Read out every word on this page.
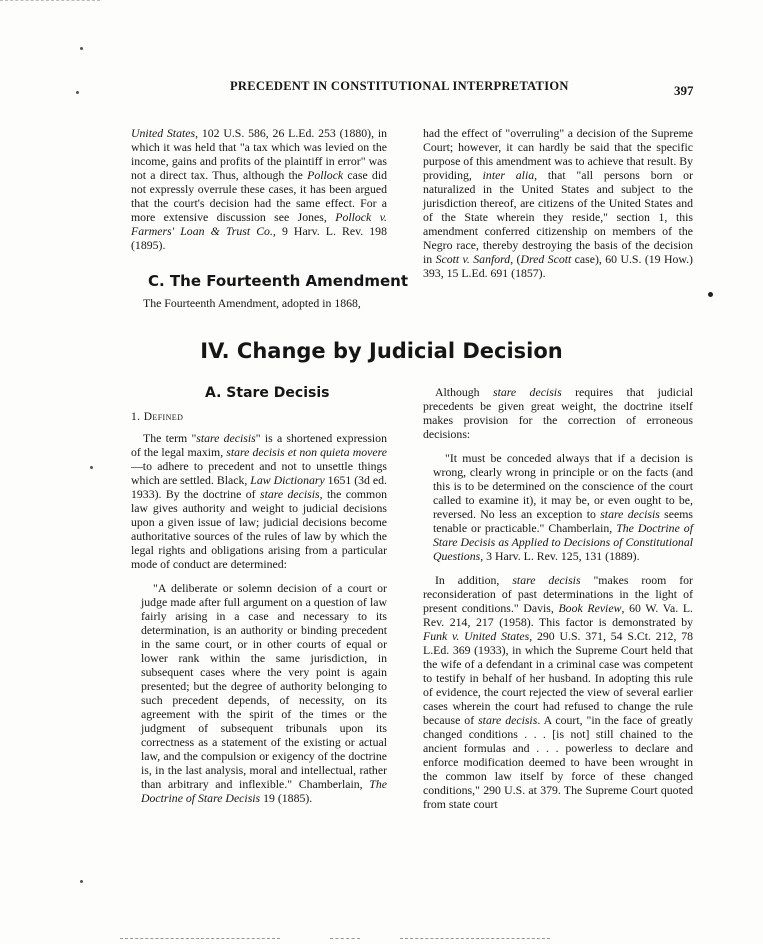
PRECEDENT IN CONSTITUTIONAL INTERPRETATION	397

United States, 102 U.S. 586, 26 L.Ed. 253 (1880), in which it was held that "a tax which was levied on the income, gains and profits of the plaintiff in error" was not a direct tax. Thus, although the Pollock case did not expressly overrule these cases, it has been argued that the court's decision had the same effect. For a more extensive discussion see Jones, Pollock v. Farmers' Loan & Trust Co., 9 Harv. L. Rev. 198 (1895).

C. The Fourteenth Amendment

The Fourteenth Amendment, adopted in 1868,

had the effect of "overruling" a decision of the Supreme Court; however, it can hardly be said that the specific purpose of this amendment was to achieve that result. By providing, inter alia, that "all persons born or naturalized in the United States and subject to the jurisdiction thereof, are citizens of the United States and of the State wherein they reside," section 1, this amendment conferred citizenship on members of the Negro race, thereby destroying the basis of the decision in Scott v. Sanford, (Dred Scott case), 60 U.S. (19 How.) 393, 15 L.Ed. 691 (1857).

IV. Change by Judicial Decision
A. Stare Decisis
1. Defined

The term "stare decisis" is a shortened expression of the legal maxim, stare decisis et non quieta movere—to adhere to precedent and not to unsettle things which are settled. Black, Law Dictionary 1651 (3d ed. 1933). By the doctrine of stare decisis, the common law gives authority and weight to judicial decisions upon a given issue of law; judicial decisions become authoritative sources of the rules of law by which the legal rights and obligations arising from a particular mode of conduct are determined:

"A deliberate or solemn decision of a court or judge made after full argument on a question of law fairly arising in a case and necessary to its determination, is an authority or binding precedent in the same court, or in other courts of equal or lower rank within the same jurisdiction, in subsequent cases where the very point is again presented; but the degree of authority belonging to such precedent depends, of necessity, on its agreement with the spirit of the times or the judgment of subsequent tribunals upon its correctness as a statement of the existing or actual law, and the compulsion or exigency of the doctrine is, in the last analysis, moral and intellectual, rather than arbitrary and inflexible." Chamberlain, The Doctrine of Stare Decisis 19 (1885).

Although stare decisis requires that judicial precedents be given great weight, the doctrine itself makes provision for the correction of erroneous decisions:

"It must be conceded always that if a decision is wrong, clearly wrong in principle or on the facts (and this is to be determined on the conscience of the court called to examine it), it may be, or even ought to be, reversed. No less an exception to stare decisis seems tenable or practicable." Chamberlain, The Doctrine of Stare Decisis as Applied to Decisions of Constitutional Questions, 3 Harv. L. Rev. 125, 131 (1889).

In addition, stare decisis "makes room for reconsideration of past determinations in the light of present conditions." Davis, Book Review, 60 W. Va. L. Rev. 214, 217 (1958). This factor is demonstrated by Funk v. United States, 290 U.S. 371, 54 S.Ct. 212, 78 L.Ed. 369 (1933), in which the Supreme Court held that the wife of a defendant in a criminal case was competent to testify in behalf of her husband. In adopting this rule of evidence, the court rejected the view of several earlier cases wherein the court had refused to change the rule because of stare decisis. A court, "in the face of greatly changed conditions . . . [is not] still chained to the ancient formulas and . . . powerless to declare and enforce modification deemed to have been wrought in the common law itself by force of these changed conditions," 290 U.S. at 379. The Supreme Court quoted from state court
